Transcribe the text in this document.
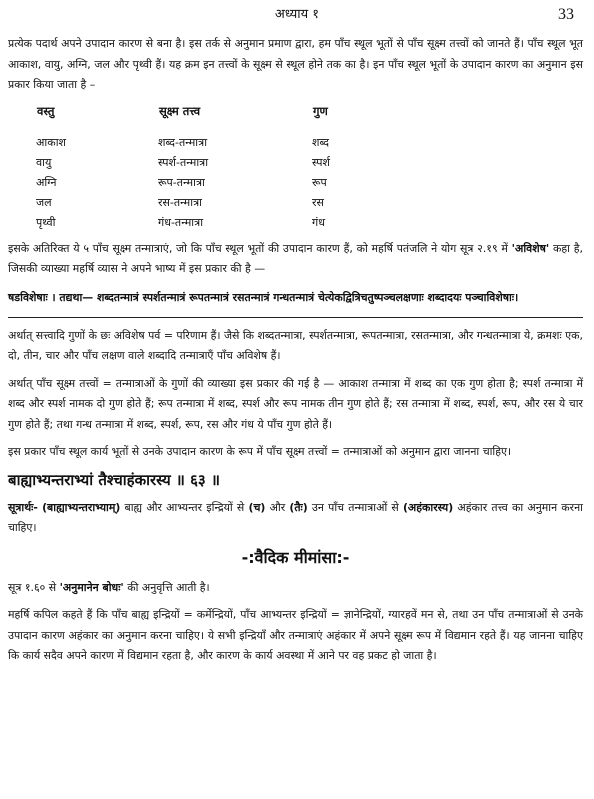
अध्याय १	33

प्रत्येक पदार्थ अपने उपादान कारण से बना है। इस तर्क से अनुमान प्रमाण द्वारा, हम पाँच स्थूल भूतों से पाँच सूक्ष्म तत्त्वों को जानते हैं। पाँच स्थूल भूत आकाश, वायु, अग्नि, जल और पृथ्वी हैं। यह क्रम इन तत्त्वों के सूक्ष्म से स्थूल होने तक का है। इन पाँच स्थूल भूतों के उपादान कारण का अनुमान इस प्रकार किया जाता है –

वस्तु	सूक्ष्म तत्त्व	गुण
आकाश	शब्द-तन्मात्रा	शब्द
वायु	स्पर्श-तन्मात्रा	स्पर्श
अग्नि	रूप-तन्मात्रा	रूप
जल	रस-तन्मात्रा	रस
पृथ्वी	गंध-तन्मात्रा	गंध

इसके अतिरिक्त ये ५ पाँच सूक्ष्म तन्मात्राएं, जो कि पाँच स्थूल भूतों की उपादान कारण हैं, को महर्षि पतंजलि ने योग सूत्र २.१९ में 'अविशेष' कहा है, जिसकी व्याख्या महर्षि व्यास ने अपने भाष्य में इस प्रकार की है —

षडविशेषाः । तद्यथा— शब्दतन्मात्रं स्पर्शतन्मात्रं रूपतन्मात्रं रसतन्मात्रं गन्धतन्मात्रं चेत्येकद्वित्रिचतुष्पञ्चलक्षणाः शब्दादयः पञ्चाविशेषाः।

अर्थात् सत्त्वादि गुणों के छः अविशेष पर्व = परिणाम हैं। जैसे कि शब्दतन्मात्रा, स्पर्शतन्मात्रा, रूपतन्मात्रा, रसतन्मात्रा, और गन्धतन्मात्रा ये, क्रमशः एक, दो, तीन, चार और पाँच लक्षण वाले शब्दादि तन्मात्राएँ पाँच अविशेष हैं।

अर्थात् पाँच सूक्ष्म तत्त्वों = तन्मात्राओं के गुणों की व्याख्या इस प्रकार की गई है — आकाश तन्मात्रा में शब्द का एक गुण होता है; स्पर्श तन्मात्रा में शब्द और स्पर्श नामक दो गुण होते हैं; रूप तन्मात्रा में शब्द, स्पर्श और रूप नामक तीन गुण होते हैं; रस तन्मात्रा में शब्द, स्पर्श, रूप, और रस ये चार गुण होते हैं; तथा गन्ध तन्मात्रा में शब्द, स्पर्श, रूप, रस और गंध ये पाँच गुण होते हैं।

इस प्रकार पाँच स्थूल कार्य भूतों से उनके उपादान कारण के रूप में पाँच सूक्ष्म तत्त्वों = तन्मात्राओं को अनुमान द्वारा जानना चाहिए।

बाह्याभ्यन्तराभ्यां तैश्चाहंकारस्य ॥ ६३ ॥

सूत्रार्थः- (बाह्याभ्यन्तराभ्याम्) बाह्य और आभ्यन्तर इन्द्रियों से (च) और (तैः) उन पाँच तन्मात्राओं से (अहंकारस्य) अहंकार तत्त्व का अनुमान करना चाहिए।

-:वैदिक मीमांसा:-

सूत्र १.६० से 'अनुमानेन बोधः' की अनुवृत्ति आती है।

महर्षि कपिल कहते हैं कि पाँच बाह्य इन्द्रियों = कर्मेन्द्रियों, पाँच आभ्यन्तर इन्द्रियों = ज्ञानेन्द्रियों, ग्यारहवें मन से, तथा उन पाँच तन्मात्राओं से उनके उपादान कारण अहंकार का अनुमान करना चाहिए। ये सभी इन्द्रियाँ और तन्मात्राएं अहंकार में अपने सूक्ष्म रूप में विद्यमान रहते हैं। यह जानना चाहिए कि कार्य सदैव अपने कारण में विद्यमान रहता है, और कारण के कार्य अवस्था में आने पर वह प्रकट हो जाता है।
